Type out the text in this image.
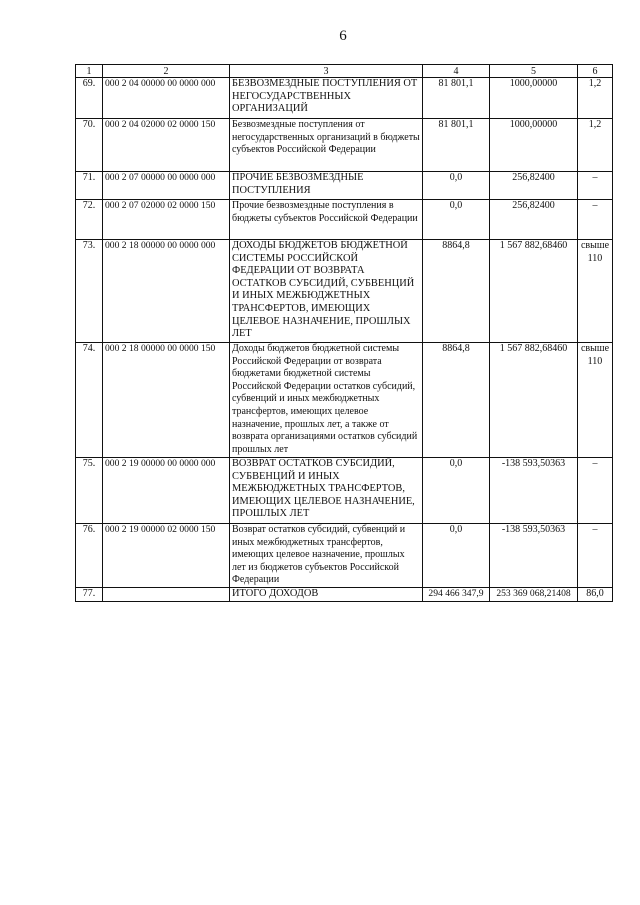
6
1	2	3	4	5	6
69.	000 2 04 00000 00 0000 000	БЕЗВОЗМЕЗДНЫЕ ПОСТУПЛЕНИЯ ОТ НЕГОСУДАРСТВЕННЫХ ОРГАНИЗАЦИЙ	81 801,1	1000,00000	1,2
70.	000 2 04 02000 02 0000 150	Безвозмездные поступления от негосударственных организаций в бюджеты субъектов Российской Федерации	81 801,1	1000,00000	1,2
71.	000 2 07 00000 00 0000 000	ПРОЧИЕ БЕЗВОЗМЕЗДНЫЕ ПОСТУПЛЕНИЯ	0,0	256,82400	–
72.	000 2 07 02000 02 0000 150	Прочие безвозмездные поступления в бюджеты субъектов Российской Федерации	0,0	256,82400	–
73.	000 2 18 00000 00 0000 000	ДОХОДЫ БЮДЖЕТОВ БЮДЖЕТНОЙ СИСТЕМЫ РОССИЙСКОЙ ФЕДЕРАЦИИ ОТ ВОЗВРАТА ОСТАТКОВ СУБСИДИЙ, СУБВЕНЦИЙ И ИНЫХ МЕЖБЮДЖЕТНЫХ ТРАНСФЕРТОВ, ИМЕЮЩИХ ЦЕЛЕВОЕ НАЗНАЧЕНИЕ, ПРОШЛЫХ ЛЕТ	8864,8	1 567 882,68460	свыше 110
74.	000 2 18 00000 00 0000 150	Доходы бюджетов бюджетной системы Российской Федерации от возврата бюджетами бюджетной системы Российской Федерации остатков субсидий, субвенций и иных межбюджетных трансфертов, имеющих целевое назначение, прошлых лет, а также от возврата организациями остатков субсидий прошлых лет	8864,8	1 567 882,68460	свыше 110
75.	000 2 19 00000 00 0000 000	ВОЗВРАТ ОСТАТКОВ СУБСИДИЙ, СУБВЕНЦИЙ И ИНЫХ МЕЖБЮДЖЕТНЫХ ТРАНСФЕРТОВ, ИМЕЮЩИХ ЦЕЛЕВОЕ НАЗНАЧЕНИЕ, ПРОШЛЫХ ЛЕТ	0,0	-138 593,50363	–
76.	000 2 19 00000 02 0000 150	Возврат остатков субсидий, субвенций и иных межбюджетных трансфертов, имеющих целевое назначение, прошлых лет из бюджетов субъектов Российской Федерации	0,0	-138 593,50363	–
77.		ИТОГО ДОХОДОВ	294 466 347,9	253 369 068,21408	86,0
